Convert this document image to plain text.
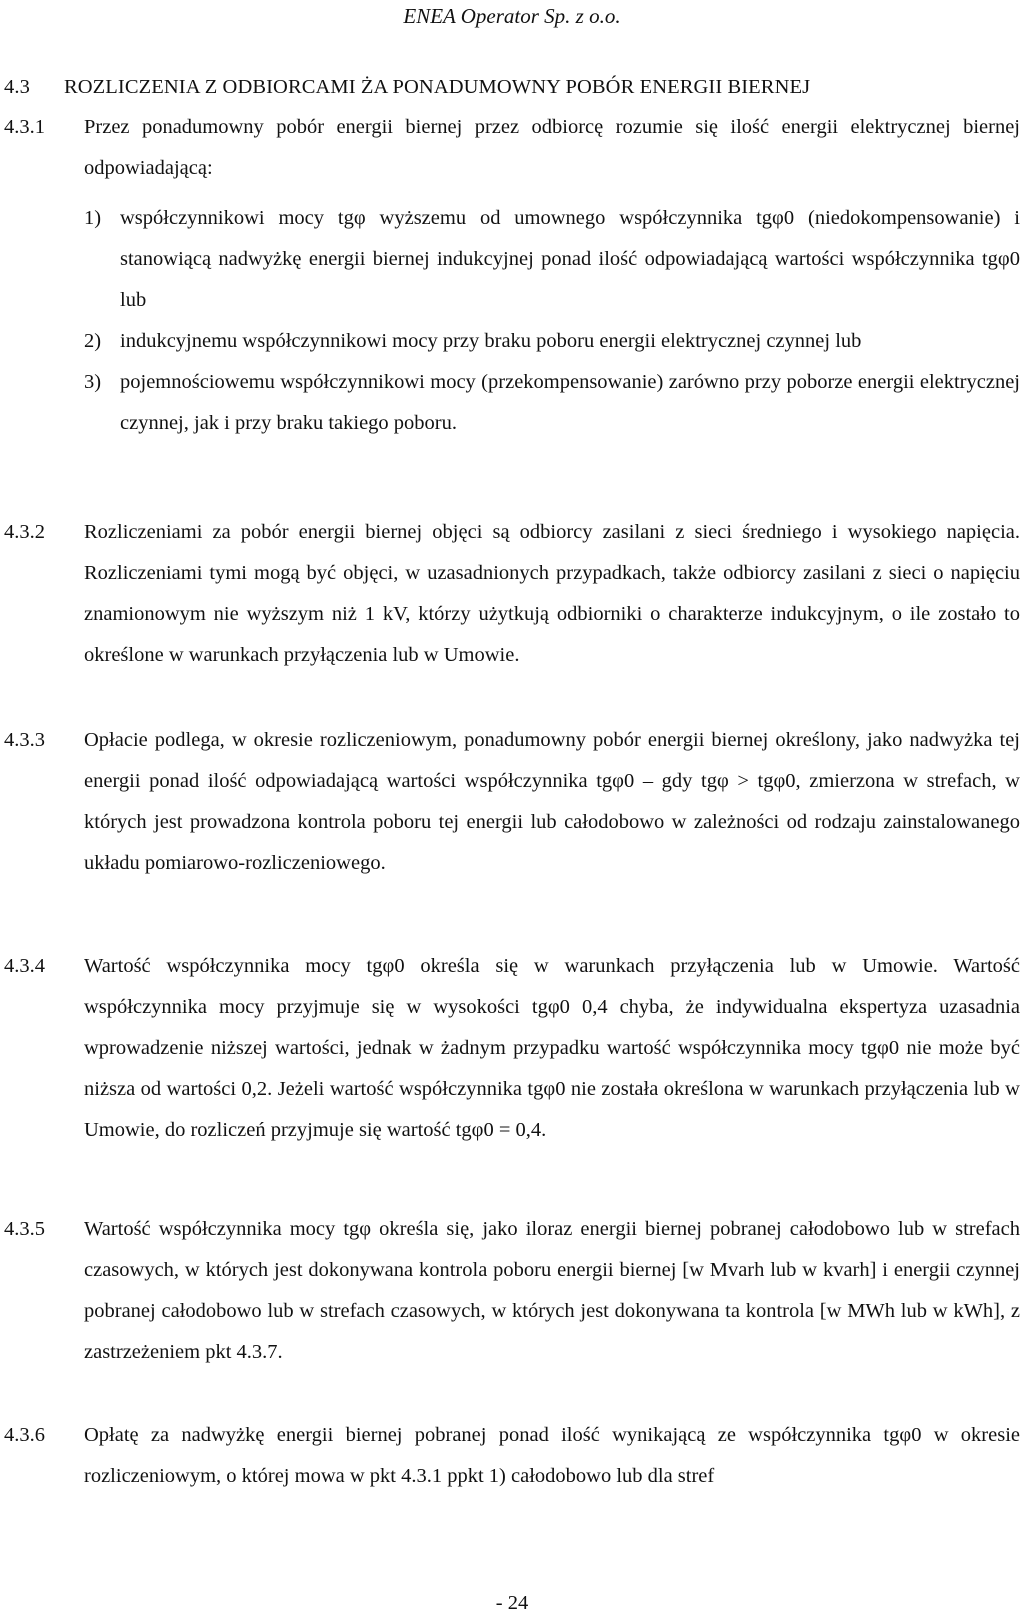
ENEA Operator Sp. z o.o.
4.3 ROZLICZENIA Z ODBIORCAMI ŻA PONADUMOWNY POBÓR ENERGII BIERNEJ
4.3.1 Przez ponadumowny pobór energii biernej przez odbiorcę rozumie się ilość energii elektrycznej biernej odpowiadającą:
1) współczynnikowi mocy tgφ wyższemu od umownego współczynnika tgφ0 (niedokompensowanie) i stanowiącą nadwyżkę energii biernej indukcyjnej ponad ilość odpowiadającą wartości współczynnika tgφ0 lub
2) indukcyjnemu współczynnikowi mocy przy braku poboru energii elektrycznej czynnej lub
3) pojemnościowemu współczynnikowi mocy (przekompensowanie) zarówno przy poborze energii elektrycznej czynnej, jak i przy braku takiego poboru.
4.3.2 Rozliczeniami za pobór energii biernej objęci są odbiorcy zasilani z sieci średniego i wysokiego napięcia. Rozliczeniami tymi mogą być objęci, w uzasadnionych przypadkach, także odbiorcy zasilani z sieci o napięciu znamionowym nie wyższym niż 1 kV, którzy użytkują odbiorniki o charakterze indukcyjnym, o ile zostało to określone w warunkach przyłączenia lub w Umowie.
4.3.3 Opłacie podlega, w okresie rozliczeniowym, ponadumowny pobór energii biernej określony, jako nadwyżka tej energii ponad ilość odpowiadającą wartości współczynnika tgφ0 – gdy tgφ > tgφ0, zmierzona w strefach, w których jest prowadzona kontrola poboru tej energii lub całodobowo w zależności od rodzaju zainstalowanego układu pomiarowo-rozliczeniowego.
4.3.4 Wartość współczynnika mocy tgφ0 określa się w warunkach przyłączenia lub w Umowie. Wartość współczynnika mocy przyjmuje się w wysokości tgφ0 0,4 chyba, że indywidualna ekspertyza uzasadnia wprowadzenie niższej wartości, jednak w żadnym przypadku wartość współczynnika mocy tgφ0 nie może być niższa od wartości 0,2. Jeżeli wartość współczynnika tgφ0 nie została określona w warunkach przyłączenia lub w Umowie, do rozliczeń przyjmuje się wartość tgφ0 = 0,4.
4.3.5 Wartość współczynnika mocy tgφ określa się, jako iloraz energii biernej pobranej całodobowo lub w strefach czasowych, w których jest dokonywana kontrola poboru energii biernej [w Mvarh lub w kvarh] i energii czynnej pobranej całodobowo lub w strefach czasowych, w których jest dokonywana ta kontrola [w MWh lub w kWh], z zastrzeżeniem pkt 4.3.7.
4.3.6 Opłatę za nadwyżkę energii biernej pobranej ponad ilość wynikającą ze współczynnika tgφ0 w okresie rozliczeniowym, o której mowa w pkt 4.3.1 ppkt 1) całodobowo lub dla stref
- 24
